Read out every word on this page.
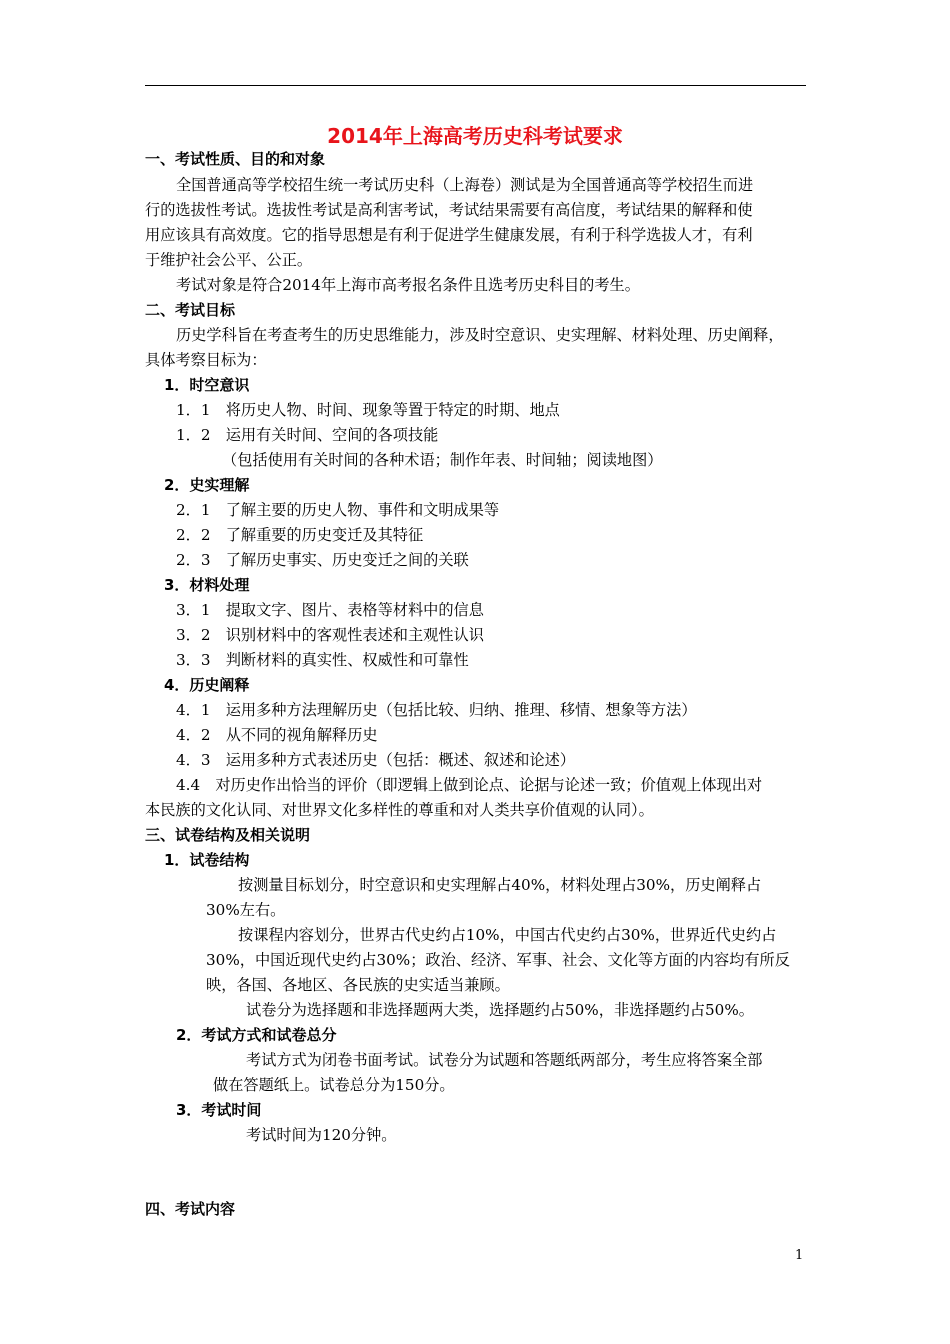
2014年上海高考历史科考试要求
一、考试性质、目的和对象
全国普通高等学校招生统一考试历史科（上海卷）测试是为全国普通高等学校招生而进
行的选拔性考试。选拔性考试是高利害考试，考试结果需要有高信度，考试结果的解释和使
用应该具有高效度。它的指导思想是有利于促进学生健康发展，有利于科学选拔人才，有利
于维护社会公平、公正。
考试对象是符合2014年上海市高考报名条件且选考历史科目的考生。
二、考试目标
历史学科旨在考查考生的历史思维能力，涉及时空意识、史实理解、材料处理、历史阐释，
具体考察目标为：
1．时空意识
1．1　将历史人物、时间、现象等置于特定的时期、地点
1．2　运用有关时间、空间的各项技能
（包括使用有关时间的各种术语；制作年表、时间轴；阅读地图）
2．史实理解
2．1　了解主要的历史人物、事件和文明成果等
2．2　了解重要的历史变迁及其特征
2．3　了解历史事实、历史变迁之间的关联
3．材料处理
3．1　提取文字、图片、表格等材料中的信息
3．2　识别材料中的客观性表述和主观性认识
3．3　判断材料的真实性、权威性和可靠性
4．历史阐释
4．1　运用多种方法理解历史（包括比较、归纳、推理、移情、想象等方法）
4．2　从不同的视角解释历史
4．3　运用多种方式表述历史（包括：概述、叙述和论述）
4.4　对历史作出恰当的评价（即逻辑上做到论点、论据与论述一致；价值观上体现出对
本民族的文化认同、对世界文化多样性的尊重和对人类共享价值观的认同）。
三、试卷结构及相关说明
1．试卷结构
按测量目标划分，时空意识和史实理解占40%，材料处理占30%，历史阐释占
30%左右。
按课程内容划分，世界古代史约占10%，中国古代史约占30%，世界近代史约占
30%，中国近现代史约占30%；政治、经济、军事、社会、文化等方面的内容均有所反
映，各国、各地区、各民族的史实适当兼顾。
试卷分为选择题和非选择题两大类，选择题约占50%，非选择题约占50%。
2．考试方式和试卷总分
考试方式为闭卷书面考试。试卷分为试题和答题纸两部分，考生应将答案全部
做在答题纸上。试卷总分为150分。
3．考试时间
考试时间为120分钟。
四、考试内容
1
